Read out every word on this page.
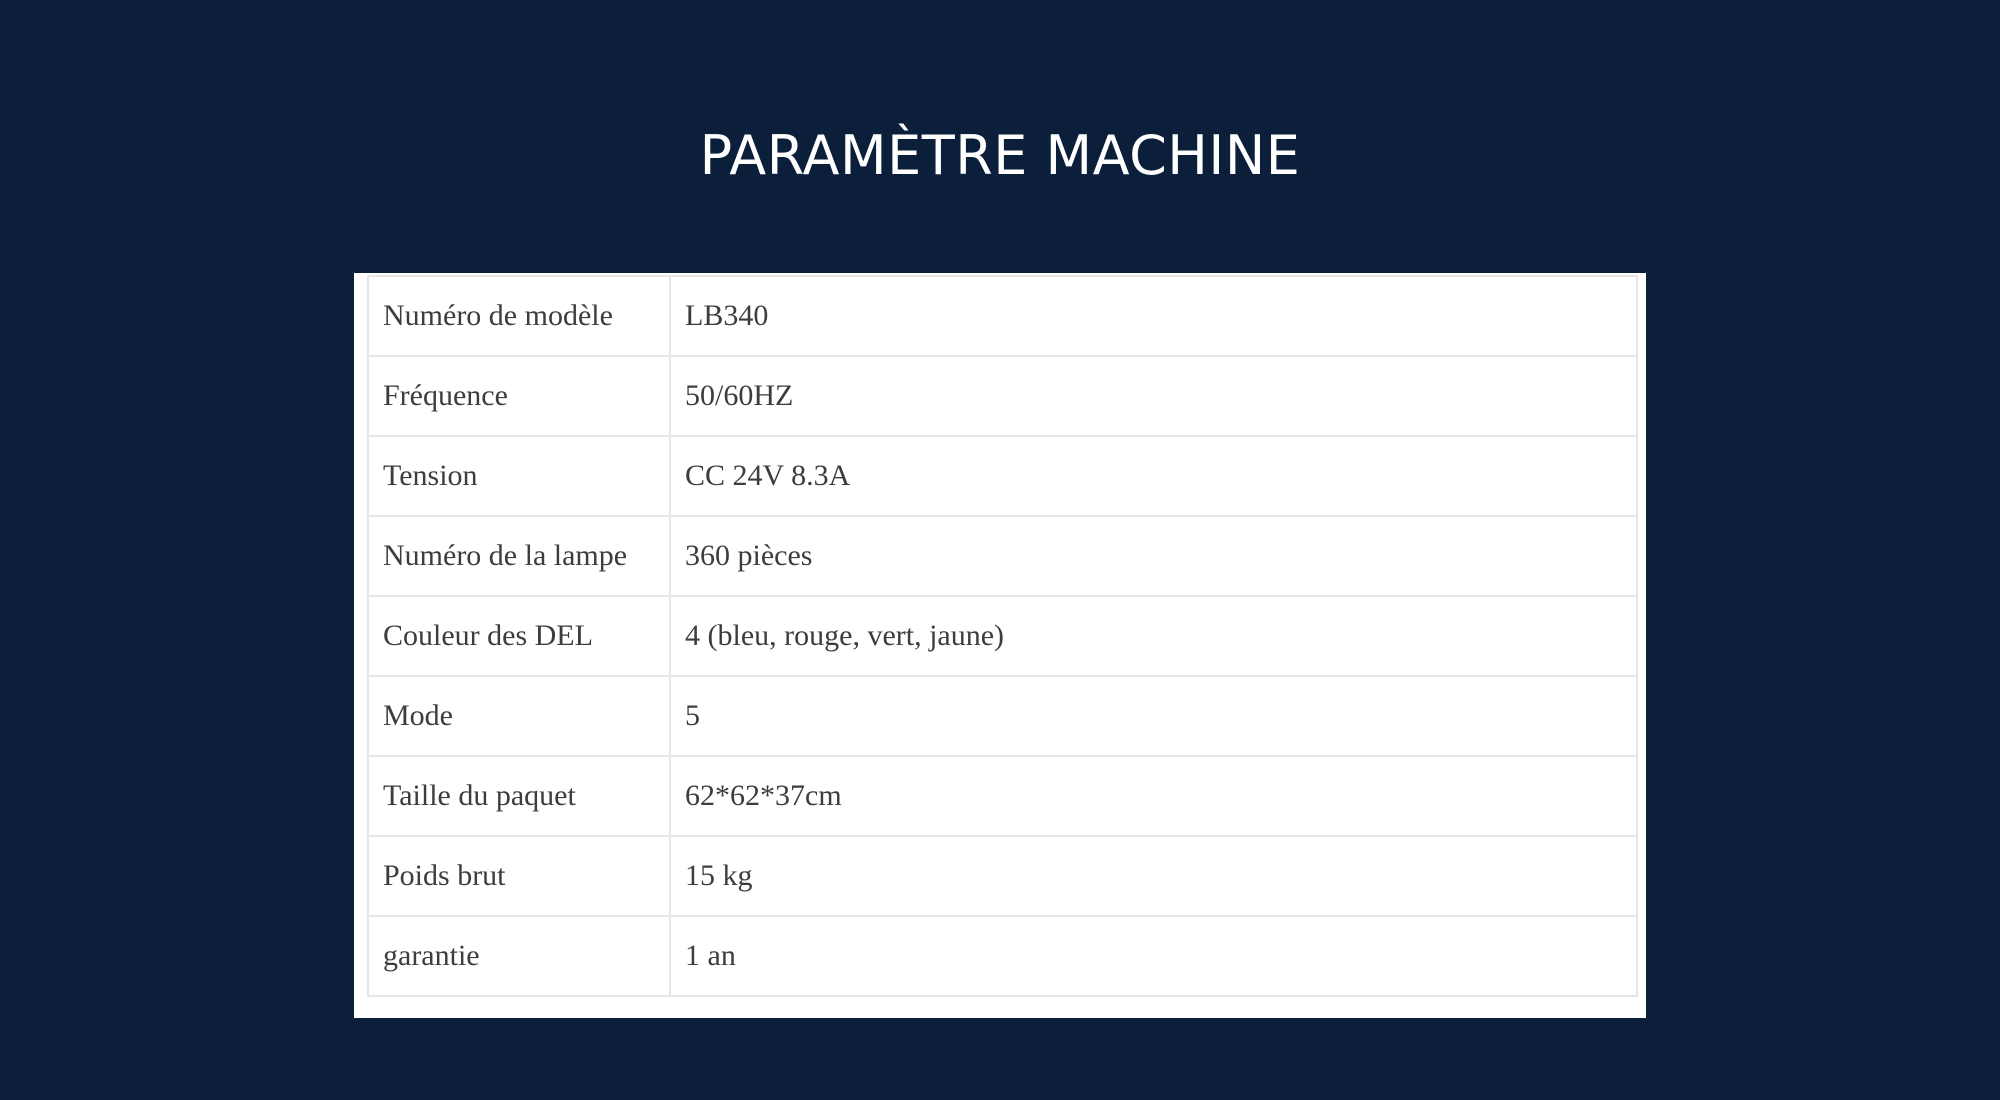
PARAMÈTRE MACHINE
Numéro de modèle	LB340
Fréquence	50/60HZ
Tension	CC 24V 8.3A
Numéro de la lampe	360 pièces
Couleur des DEL	4 (bleu, rouge, vert, jaune)
Mode	5
Taille du paquet	62*62*37cm
Poids brut	15 kg
garantie	1 an
